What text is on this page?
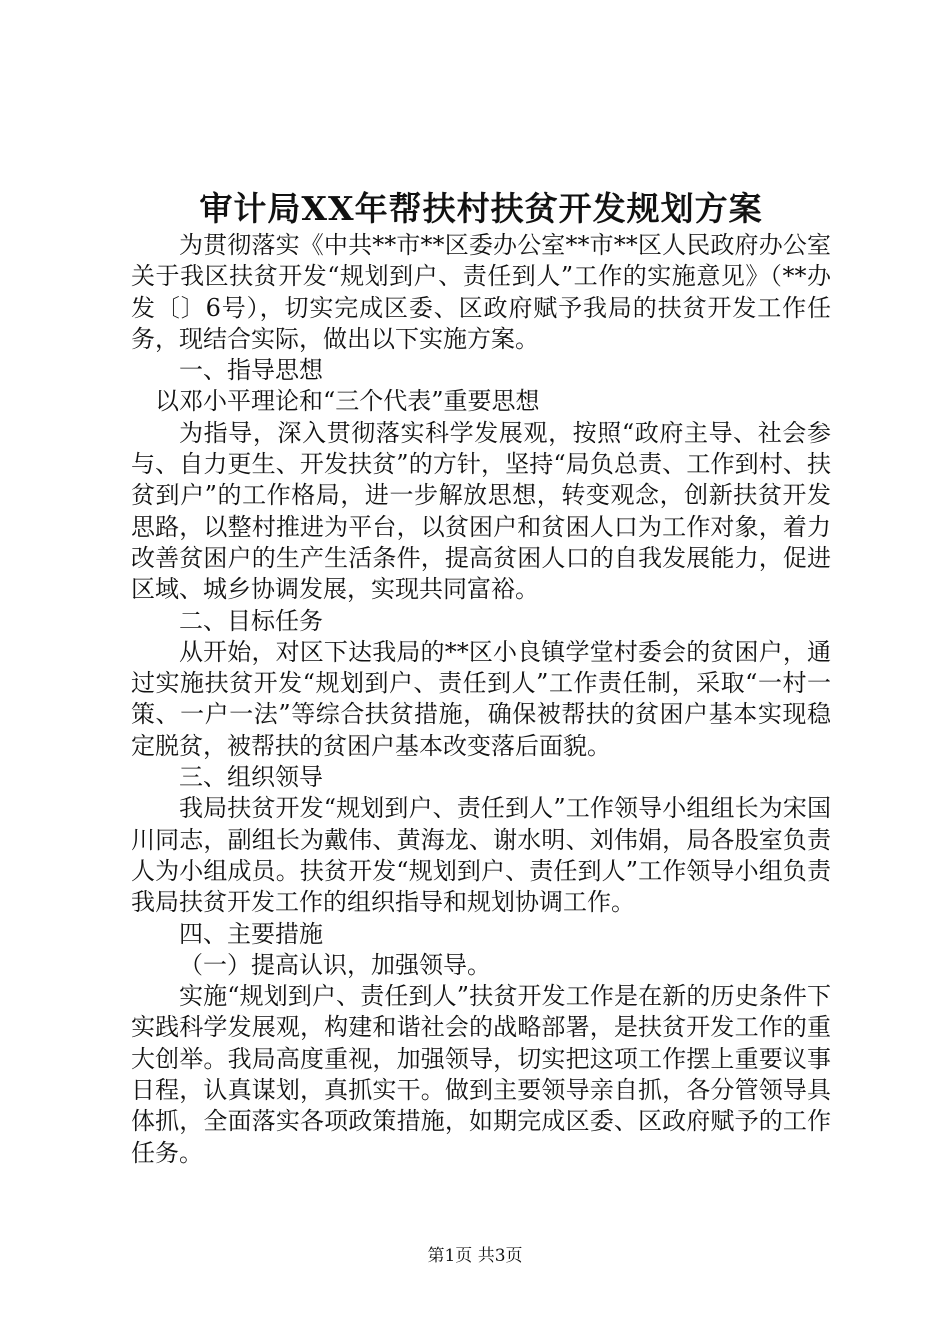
审计局XX年帮扶村扶贫开发规划方案

为贯彻落实《中共**市**区委办公室**市**区人民政府办公室关于我区扶贫开发“规划到户、责任到人”工作的实施意见》（**办发〔〕6号），切实完成区委、区政府赋予我局的扶贫开发工作任务，现结合实际，做出以下实施方案。

一、指导思想

以邓小平理论和“三个代表”重要思想

为指导，深入贯彻落实科学发展观，按照“政府主导、社会参与、自力更生、开发扶贫”的方针，坚持“局负总责、工作到村、扶贫到户”的工作格局，进一步解放思想，转变观念，创新扶贫开发思路，以整村推进为平台，以贫困户和贫困人口为工作对象，着力改善贫困户的生产生活条件，提高贫困人口的自我发展能力，促进区域、城乡协调发展，实现共同富裕。

二、目标任务

从开始，对区下达我局的**区小良镇学堂村委会的贫困户，通过实施扶贫开发“规划到户、责任到人”工作责任制，采取“一村一策、一户一法”等综合扶贫措施，确保被帮扶的贫困户基本实现稳定脱贫，被帮扶的贫困户基本改变落后面貌。

三、组织领导

我局扶贫开发“规划到户、责任到人”工作领导小组组长为宋国川同志，副组长为戴伟、黄海龙、谢水明、刘伟娟，局各股室负责人为小组成员。扶贫开发“规划到户、责任到人”工作领导小组负责我局扶贫开发工作的组织指导和规划协调工作。

四、主要措施

（一）提高认识，加强领导。

实施“规划到户、责任到人”扶贫开发工作是在新的历史条件下实践科学发展观，构建和谐社会的战略部署，是扶贫开发工作的重大创举。我局高度重视，加强领导，切实把这项工作摆上重要议事日程，认真谋划，真抓实干。做到主要领导亲自抓，各分管领导具体抓，全面落实各项政策措施，如期完成区委、区政府赋予的工作任务。

第1页 共3页
